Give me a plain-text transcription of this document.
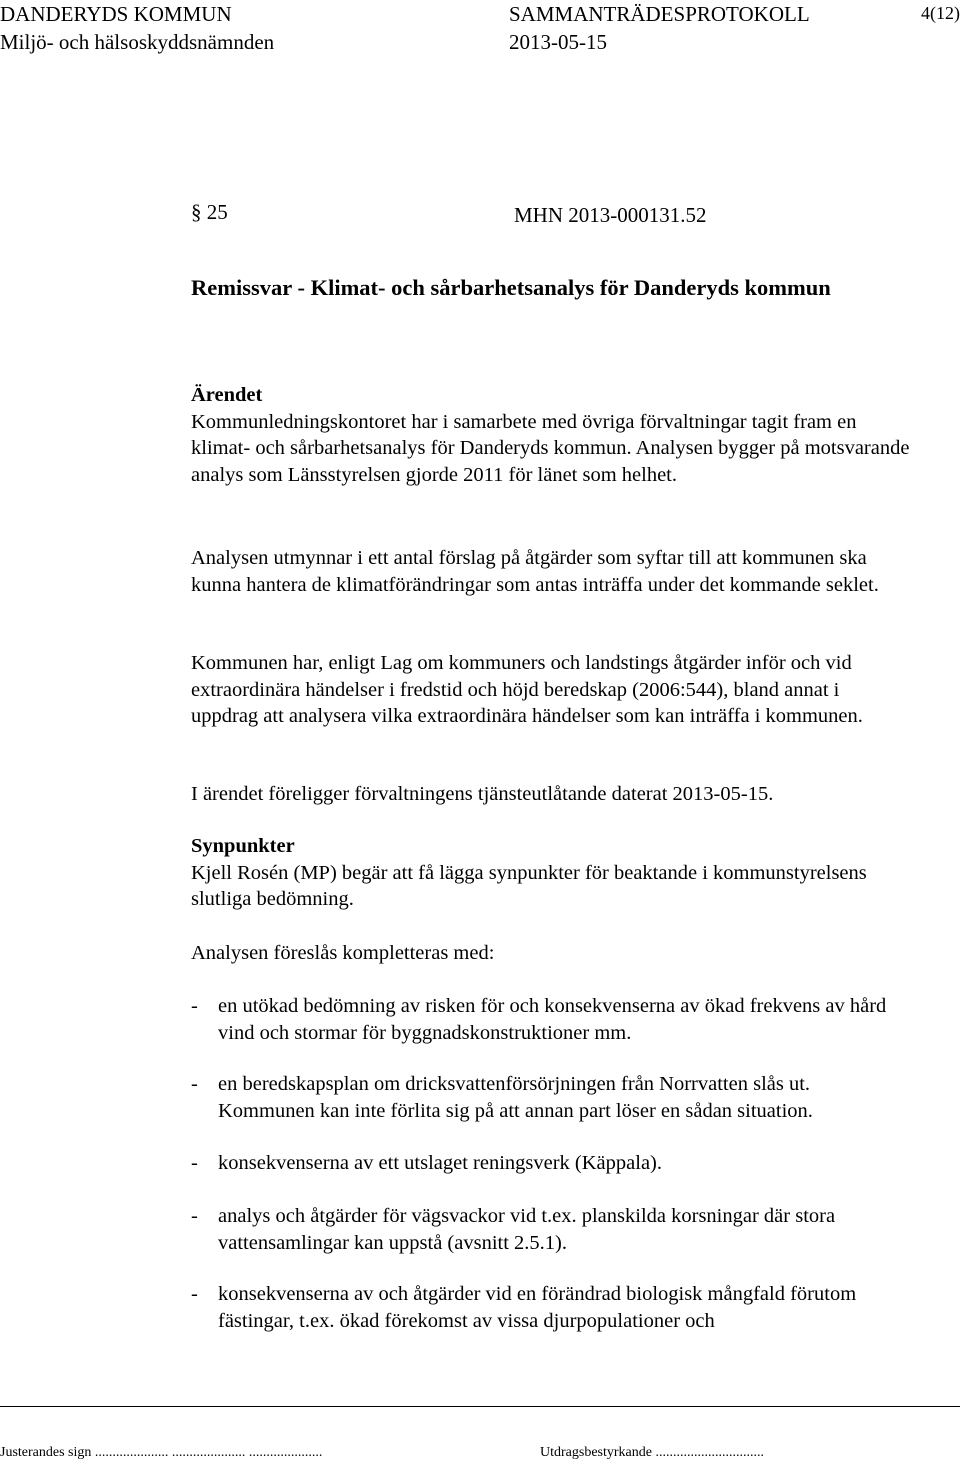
DANDERYDS KOMMUN
Miljö- och hälsoskyddsnämnden
SAMMANTRÄDESPROTOKOLL
2013-05-15
4(12)
§ 25	MHN 2013-000131.52
Remissvar - Klimat- och sårbarhetsanalys för Danderyds kommun
Ärendet

Kommunledningskontoret har i samarbete med övriga förvaltningar tagit fram en klimat- och sårbarhetsanalys för Danderyds kommun. Analysen bygger på motsvarande analys som Länsstyrelsen gjorde 2011 för länet som helhet.

Analysen utmynnar i ett antal förslag på åtgärder som syftar till att kommunen ska kunna hantera de klimatförändringar som antas inträffa under det kommande seklet.

Kommunen har, enligt Lag om kommuners och landstings åtgärder inför och vid extraordinära händelser i fredstid och höjd beredskap (2006:544), bland annat i uppdrag att analysera vilka extraordinära händelser som kan inträffa i kommunen.

I ärendet föreligger förvaltningens tjänsteutlåtande daterat 2013-05-15.

Synpunkter

Kjell Rosén (MP) begär att få lägga synpunkter för beaktande i kommunstyrelsens slutliga bedömning.

Analysen föreslås kompletteras med:

- en utökad bedömning av risken för och konsekvenserna av ökad frekvens av hård vind och stormar för byggnadskonstruktioner mm.
- en beredskapsplan om dricksvattenförsörjningen från Norrvatten slås ut. Kommunen kan inte förlita sig på att annan part löser en sådan situation.
- konsekvenserna av ett utslaget reningsverk (Käppala).
- analys och åtgärder för vägsvackor vid t.ex. planskilda korsningar där stora vattensamlingar kan uppstå (avsnitt 2.5.1).
- konsekvenserna av och åtgärder vid en förändrad biologisk mångfald förutom fästingar, t.ex. ökad förekomst av vissa djurpopulationer och
Justerandes sign ..................... ..................... .....................	Utdragsbestyrkande ...............................
